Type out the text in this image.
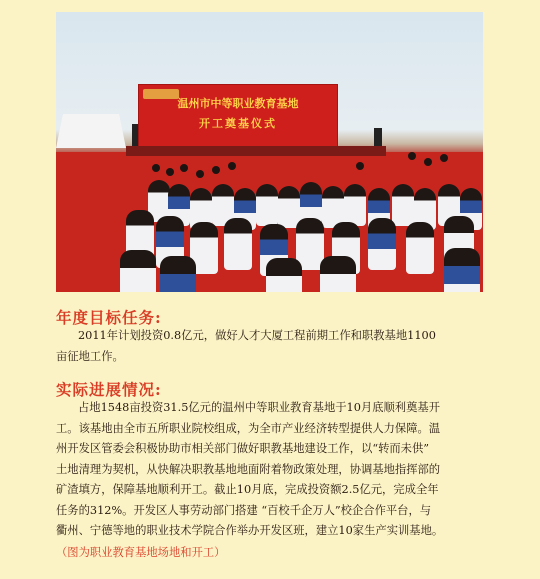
温州市中等职业教育基地
开工奠基仪式
年度目标任务:
2011年计划投资0.8亿元，做好人才大厦工程前期工作和职教基地1100
亩征地工作。
实际进展情况:
占地1548亩投资31.5亿元的温州中等职业教育基地于10月底顺利奠基开
工。该基地由全市五所职业院校组成，为全市产业经济转型提供人力保障。温
州开发区管委会积极协助市相关部门做好职教基地建设工作，以“转而未供”
土地清理为契机，从快解决职教基地地面附着物政策处理，协调基地指挥部的
矿渣填方，保障基地顺利开工。截止10月底，完成投资额2.5亿元，完成全年
任务的312%。开发区人事劳动部门搭建 “百校千企万人”校企合作平台，与
衢州、宁德等地的职业技术学院合作举办开发区班，建立10家生产实训基地。
（图为职业教育基地场地和开工）
